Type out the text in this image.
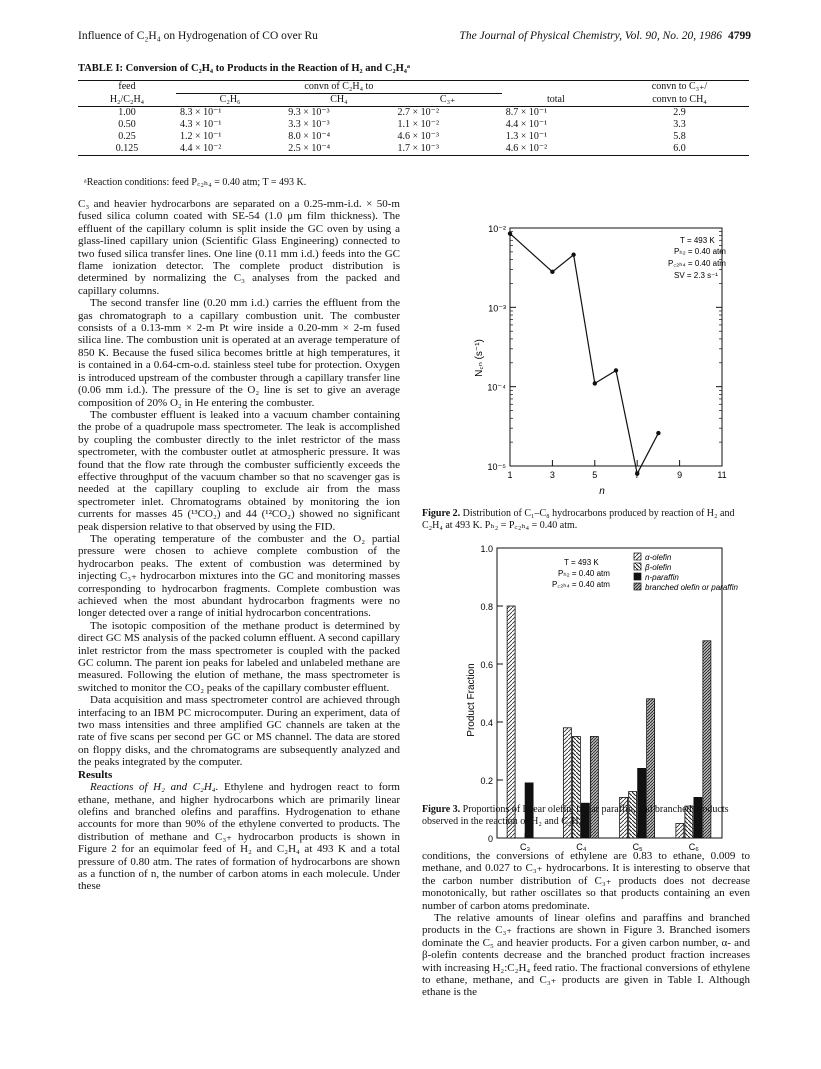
Influence of C₂H₄ on Hydrogenation of CO over Ru	The Journal of Physical Chemistry, Vol. 90, No. 20, 1986 4799
TABLE I: Conversion of C₂H₄ to Products in the Reaction of H₂ and C₂H₄ᵃ
feed	convn of C₂H₄ to				convn to C₃₊/
H₂/C₂H₄	C₂H₆	CH₄	C₃₊	total	convn to CH₄
1.00	8.3 × 10⁻¹	9.3 × 10⁻³	2.7 × 10⁻²	8.7 × 10⁻¹	2.9
0.50	4.3 × 10⁻¹	3.3 × 10⁻³	1.1 × 10⁻²	4.4 × 10⁻¹	3.3
0.25	1.2 × 10⁻¹	8.0 × 10⁻⁴	4.6 × 10⁻³	1.3 × 10⁻¹	5.8
0.125	4.4 × 10⁻²	2.5 × 10⁻⁴	1.7 × 10⁻³	4.6 × 10⁻²	6.0
ᵃReaction conditions: feed P꜀₂ₕ₄ = 0.40 atm; T = 493 K.

C₃ and heavier hydrocarbons are separated on a 0.25-mm-i.d. × 50-m fused silica column coated with SE-54 (1.0 μm film thickness). The effluent of the capillary column is split inside the GC oven by using a glass-lined capillary union (Scientific Glass Engineering) connected to two fused silica transfer lines. One line (0.11 mm i.d.) feeds into the GC flame ionization detector. The complete product distribution is determined by normalizing the C₃ analyses from the packed and capillary columns.

The second transfer line (0.20 mm i.d.) carries the effluent from the gas chromatograph to a capillary combustion unit. The combuster consists of a 0.13-mm × 2-m Pt wire inside a 0.20-mm × 2-m fused silica line. The combustion unit is operated at an average temperature of 850 K. Because the fused silica becomes brittle at high temperatures, it is contained in a 0.64-cm-o.d. stainless steel tube for protection. Oxygen is introduced upstream of the combuster through a capillary transfer line (0.06 mm i.d.). The pressure of the O₂ line is set to give an average composition of 20% O₂ in He entering the combuster.

The combuster effluent is leaked into a vacuum chamber containing the probe of a quadrupole mass spectrometer. The leak is accomplished by coupling the combuster directly to the inlet restrictor of the mass spectrometer, with the combuster outlet at atmospheric pressure. It was found that the flow rate through the combuster sufficiently exceeds the effective throughput of the vacuum chamber so that no scavenger gas is needed at the capillary coupling to exclude air from the mass spectrometer inlet. Chromatograms obtained by monitoring the ion currents for masses 45 (¹³CO₂) and 44 (¹²CO₂) showed no significant peak dispersion relative to that observed by using the FID.

The operating temperature of the combuster and the O₂ partial pressure were chosen to achieve complete combustion of the hydrocarbon peaks. The extent of combustion was determined by injecting C₃₊ hydrocarbon mixtures into the GC and monitoring masses corresponding to hydrocarbon fragments. Complete combustion was achieved when the most abundant hydrocarbon fragments were no longer detected over a range of initial hydrocarbon concentrations.

The isotopic composition of the methane product is determined by direct GC MS analysis of the packed column effluent. A second capillary inlet restrictor from the mass spectrometer is coupled with the packed GC column. The parent ion peaks for labeled and unlabeled methane are measured. Following the elution of methane, the mass spectrometer is switched to monitor the CO₂ peaks of the capillary combuster effluent.

Data acquisition and mass spectrometer control are achieved through interfacing to an IBM PC microcomputer. During an experiment, data of two mass intensities and three amplified GC channels are taken at the rate of five scans per second per GC or MS channel. The data are stored on floppy disks, and the chromatograms are subsequently analyzed and the peaks integrated by the computer.

Results

Reactions of H₂ and C₂H₄. Ethylene and hydrogen react to form ethane, methane, and higher hydrocarbons which are primarily linear olefins and branched olefins and paraffins. Hydrogenation to ethane accounts for more than 90% of the ethylene converted to products. The distribution of methane and C₃₊ hydrocarbon products is shown in Figure 2 for an equimolar feed of H₂ and C₂H₄ at 493 K and a total pressure of 0.80 atm. The rates of formation of hydrocarbons are shown as a function of n, the number of carbon atoms in each molecule. Under these

conditions, the conversions of ethylene are 0.83 to ethane, 0.009 to methane, and 0.027 to C₃₊ hydrocarbons. It is interesting to observe that the carbon number distribution of C₃₊ products does not decrease monotonically, but rather oscillates so that products containing an even number of carbon atoms predominate.

The relative amounts of linear olefins and paraffins and branched products in the C₃₊ fractions are shown in Figure 3. Branched isomers dominate the C₅ and heavier products. For a given carbon number, α- and β-olefin contents decrease and the branched product fraction increases with increasing H₂:C₂H₄ feed ratio. The fractional conversions of ethylene to ethane, methane, and C₃₊ products are given in Table I. Although ethane is the

10⁻²
10⁻³
10⁻⁴
10⁻⁵
1	3	5	9	11
N꜀ₙ (s⁻¹)
n
T = 493 K
Pₕ₂ = 0.40 atm
P꜀₂ₕ₄ = 0.40 atm
SV = 2.3 s⁻¹
Figure 2. Distribution of C₁–C₈ hydrocarbons produced by reaction of H₂ and C₂H₄ at 493 K. Pₕ₂ = P꜀₂ₕ₄ = 0.40 atm.
0
0.2
0.4
0.6
0.8
1.0
C₃	C₄	C₅	C₆
Product Fraction
T = 493 K
Pₕ₂ = 0.40 atm
P꜀₂ₕ₄ = 0.40 atm
α-olefin
β-olefin
n-paraffin
branched olefin or paraffin
Figure 3. Proportions of linear olefin, linear paraffin, and branched products observed in the reaction of H₂ and C₂H₄.
